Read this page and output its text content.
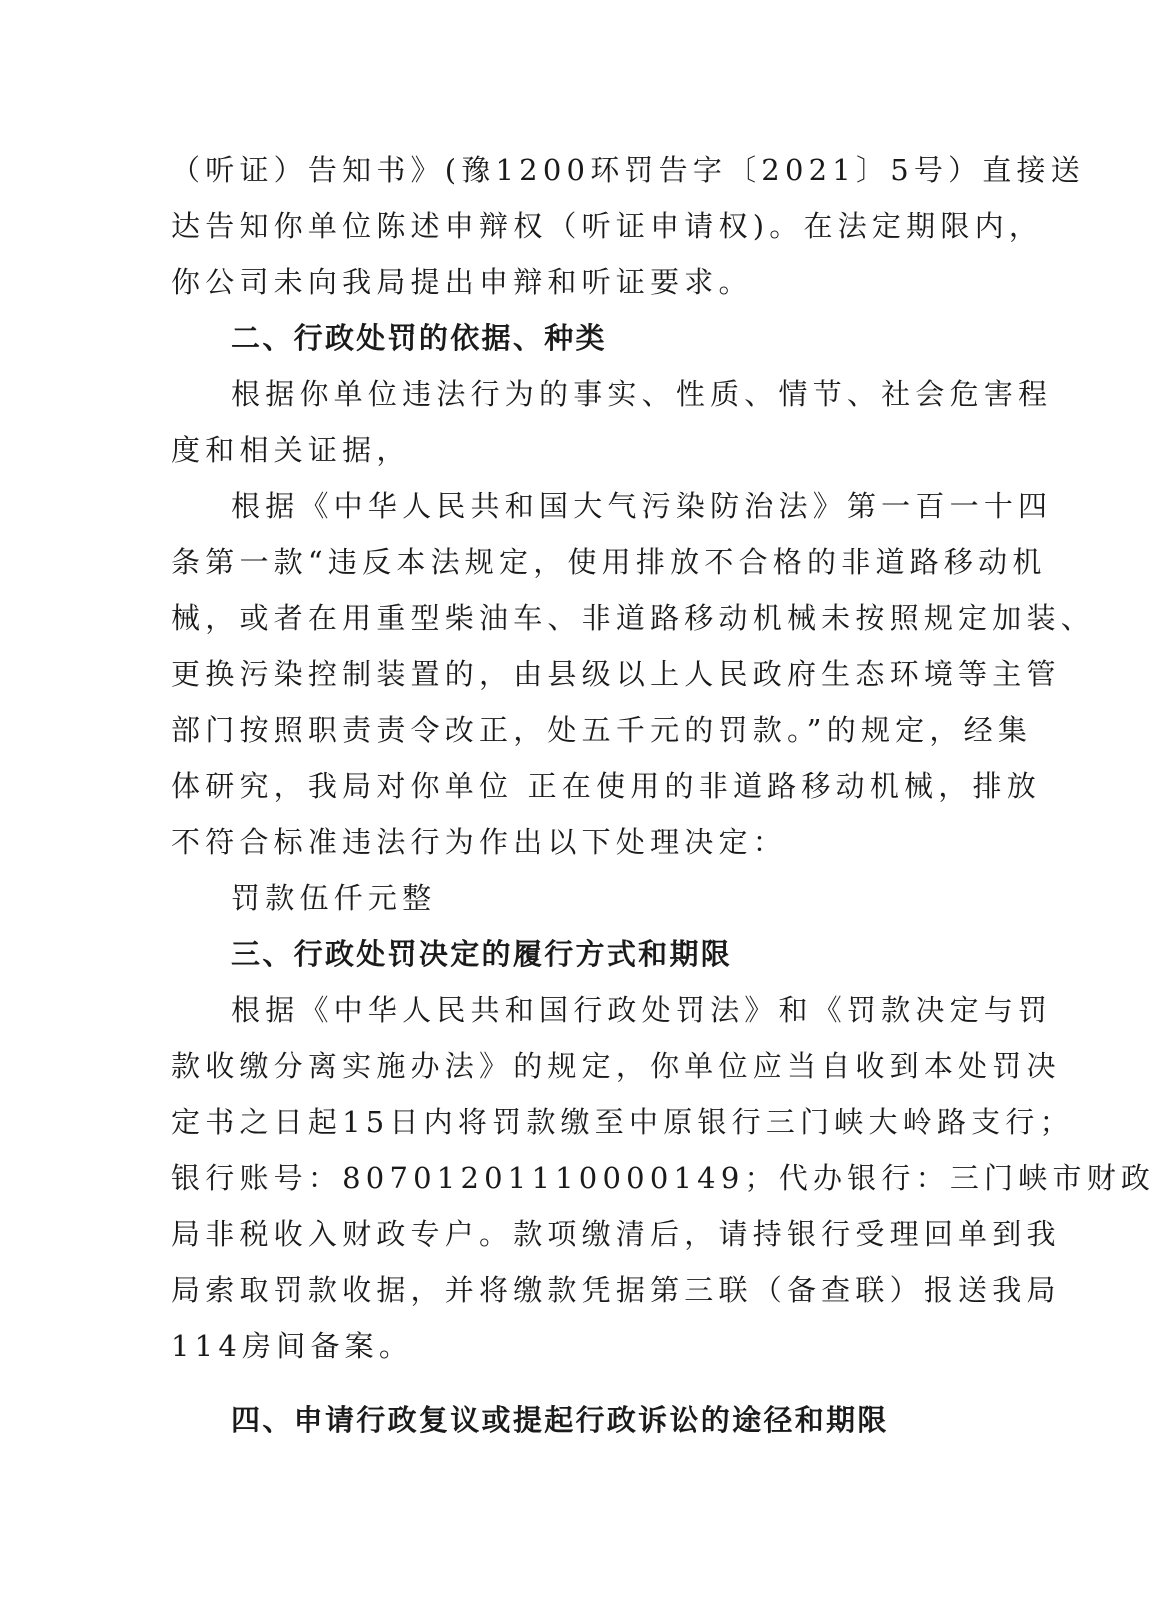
（听证）告知书》(豫1200环罚告字〔2021〕5号）直接送
达告知你单位陈述申辩权（听证申请权)。在法定期限内，
你公司未向我局提出申辩和听证要求。
二、行政处罚的依据、种类
根据你单位违法行为的事实、性质、情节、社会危害程
度和相关证据，
根据《中华人民共和国大气污染防治法》第一百一十四
条第一款“违反本法规定，使用排放不合格的非道路移动机
械，或者在用重型柴油车、非道路移动机械未按照规定加装、
更换污染控制装置的，由县级以上人民政府生态环境等主管
部门按照职责责令改正，处五千元的罚款。”的规定，经集
体研究，我局对你单位 正在使用的非道路移动机械，排放
不符合标准违法行为作出以下处理决定：
罚款伍仟元整
三、行政处罚决定的履行方式和期限
根据《中华人民共和国行政处罚法》和《罚款决定与罚
款收缴分离实施办法》的规定，你单位应当自收到本处罚决
定书之日起15日内将罚款缴至中原银行三门峡大岭路支行；
银行账号：80701201110000149；代办银行：三门峡市财政
局非税收入财政专户。款项缴清后，请持银行受理回单到我
局索取罚款收据，并将缴款凭据第三联（备查联）报送我局
114房间备案。
四、申请行政复议或提起行政诉讼的途径和期限
